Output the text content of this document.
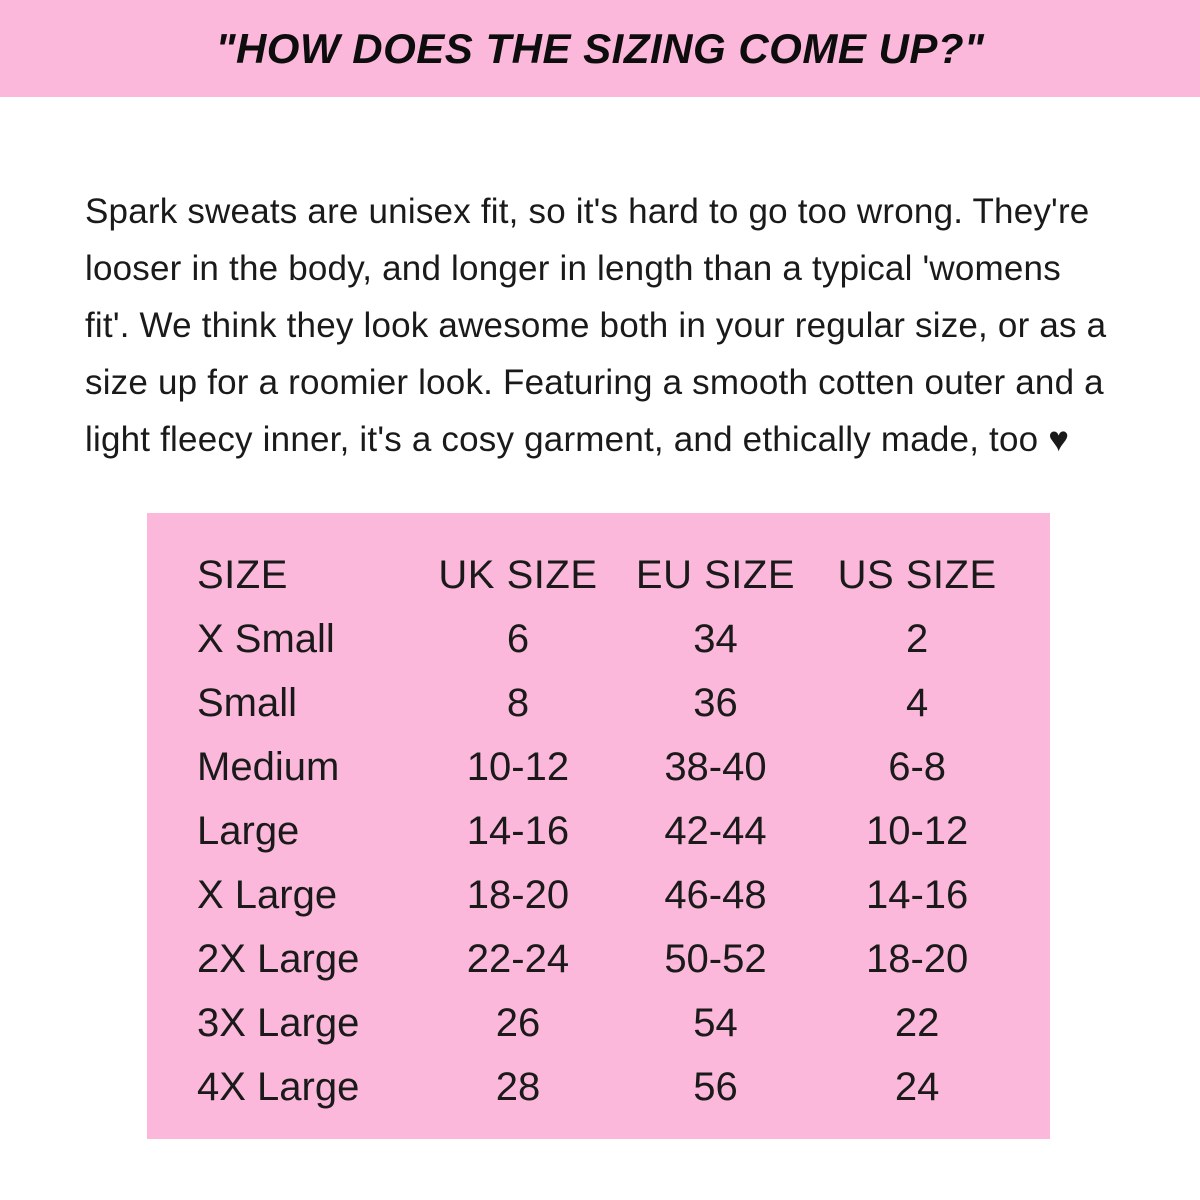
"HOW DOES THE SIZING COME UP?"
Spark sweats are unisex fit, so it's hard to go too wrong. They're
looser in the body, and longer in length than a typical 'womens
fit'. We think they look awesome both in your regular size, or as a
size up for a roomier look. Featuring a smooth cotten outer and a
light fleecy inner, it's a cosy garment, and ethically made, too ♥
SIZE	UK SIZE	EU SIZE	US SIZE
X Small	6	34	2
Small	8	36	4
Medium	10-12	38-40	6-8
Large	14-16	42-44	10-12
X Large	18-20	46-48	14-16
2X Large	22-24	50-52	18-20
3X Large	26	54	22
4X Large	28	56	24
